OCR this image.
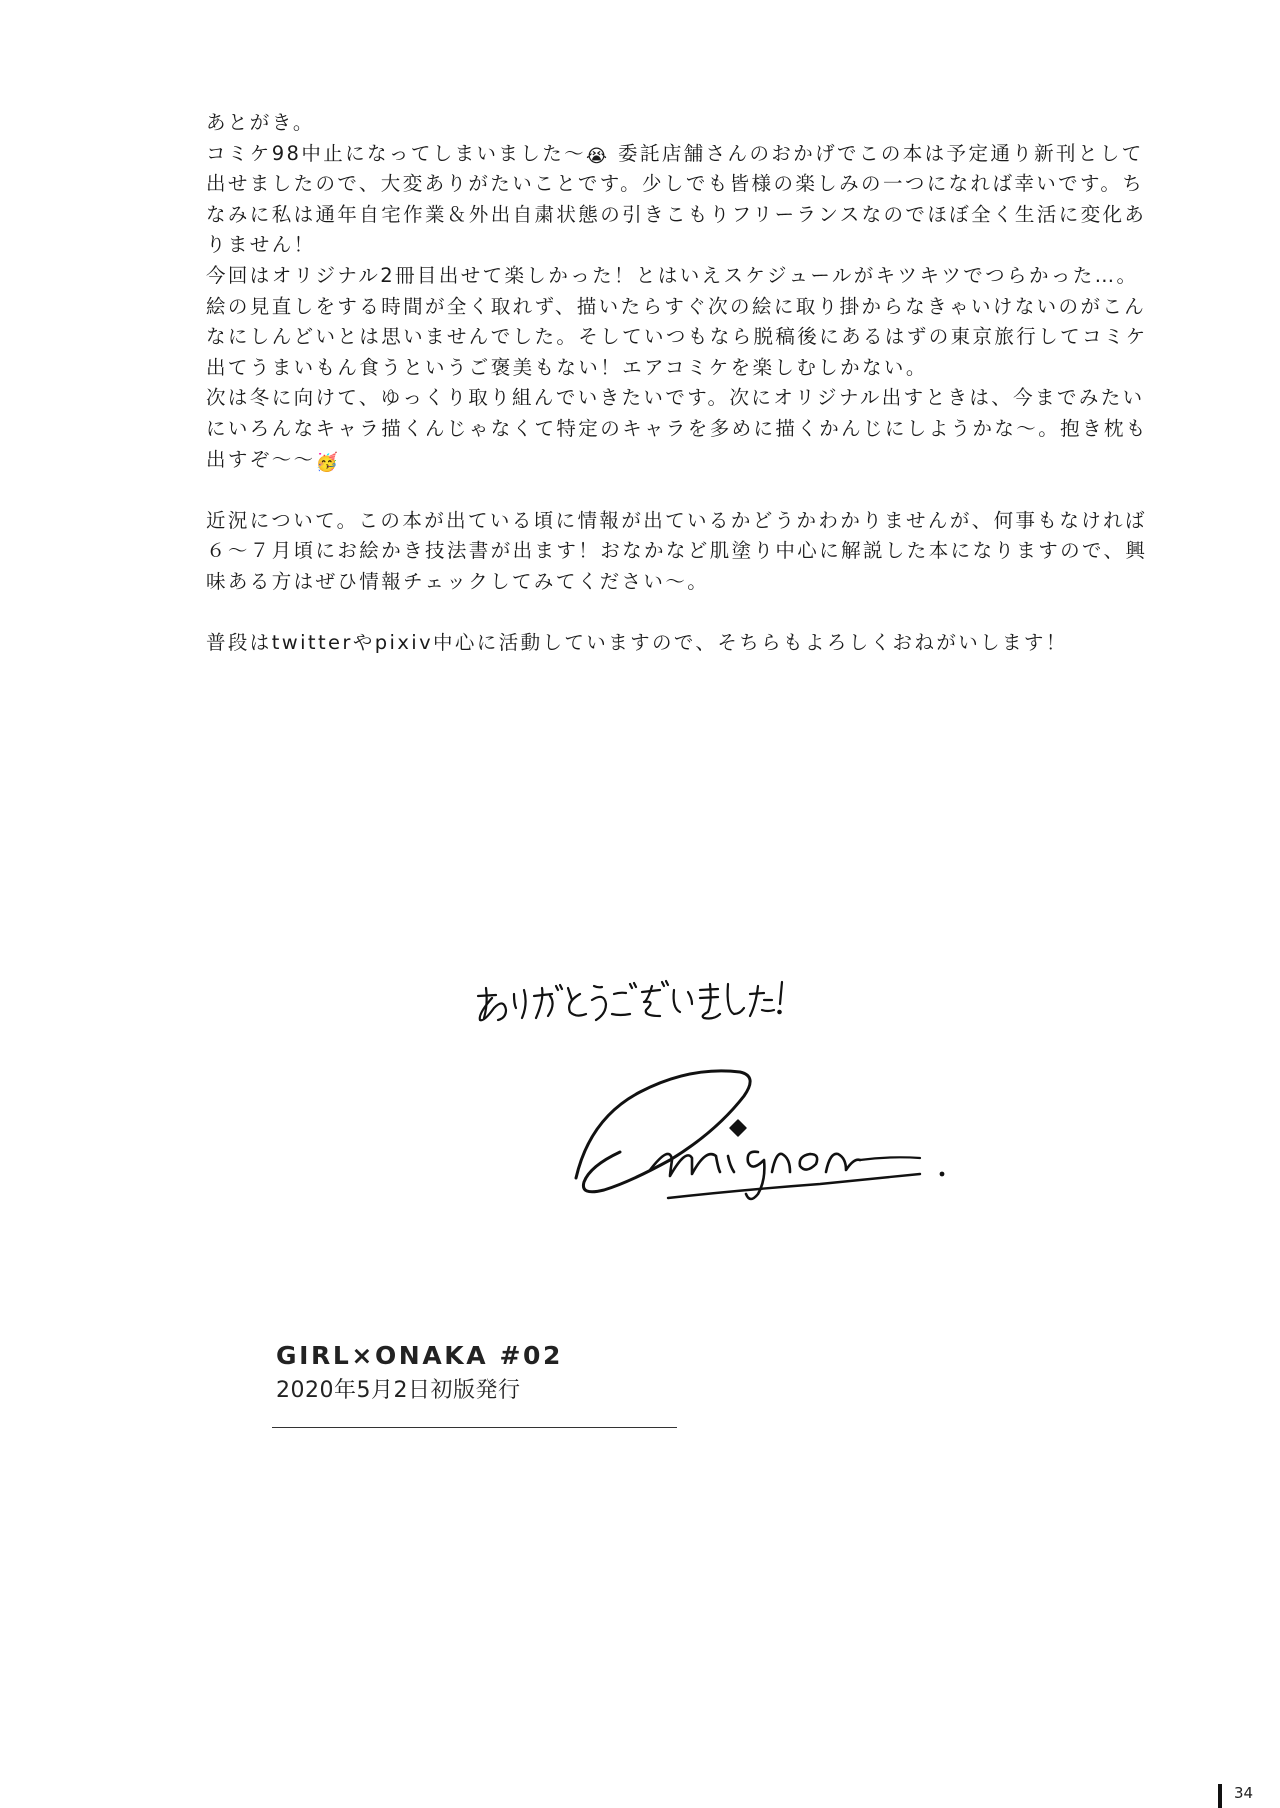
あとがき。

コミケ98中止になってしまいました〜😭 委託店舗さんのおかげでこの本は予定通り新刊として

出せましたので、大変ありがたいことです。少しでも皆様の楽しみの一つになれば幸いです。ち

なみに私は通年自宅作業＆外出自粛状態の引きこもりフリーランスなのでほぼ全く生活に変化あ

りません！

今回はオリジナル2冊目出せて楽しかった！とはいえスケジュールがキツキツでつらかった…。

絵の見直しをする時間が全く取れず、描いたらすぐ次の絵に取り掛からなきゃいけないのがこん

なにしんどいとは思いませんでした。そしていつもなら脱稿後にあるはずの東京旅行してコミケ

出てうまいもん食うというご褒美もない！エアコミケを楽しむしかない。

次は冬に向けて、ゆっくり取り組んでいきたいです。次にオリジナル出すときは、今までみたい

にいろんなキャラ描くんじゃなくて特定のキャラを多めに描くかんじにしようかな〜。抱き枕も

出すぞ〜〜🥳

近況について。この本が出ている頃に情報が出ているかどうかわかりませんが、何事もなければ

６〜７月頃にお絵かき技法書が出ます！おなかなど肌塗り中心に解説した本になりますので、興

味ある方はぜひ情報チェックしてみてください〜。

普段はtwitterやpixiv中心に活動していますので、そちらもよろしくおねがいします！

GIRL×ONAKA #02
2020年5月2日初版発行
34
